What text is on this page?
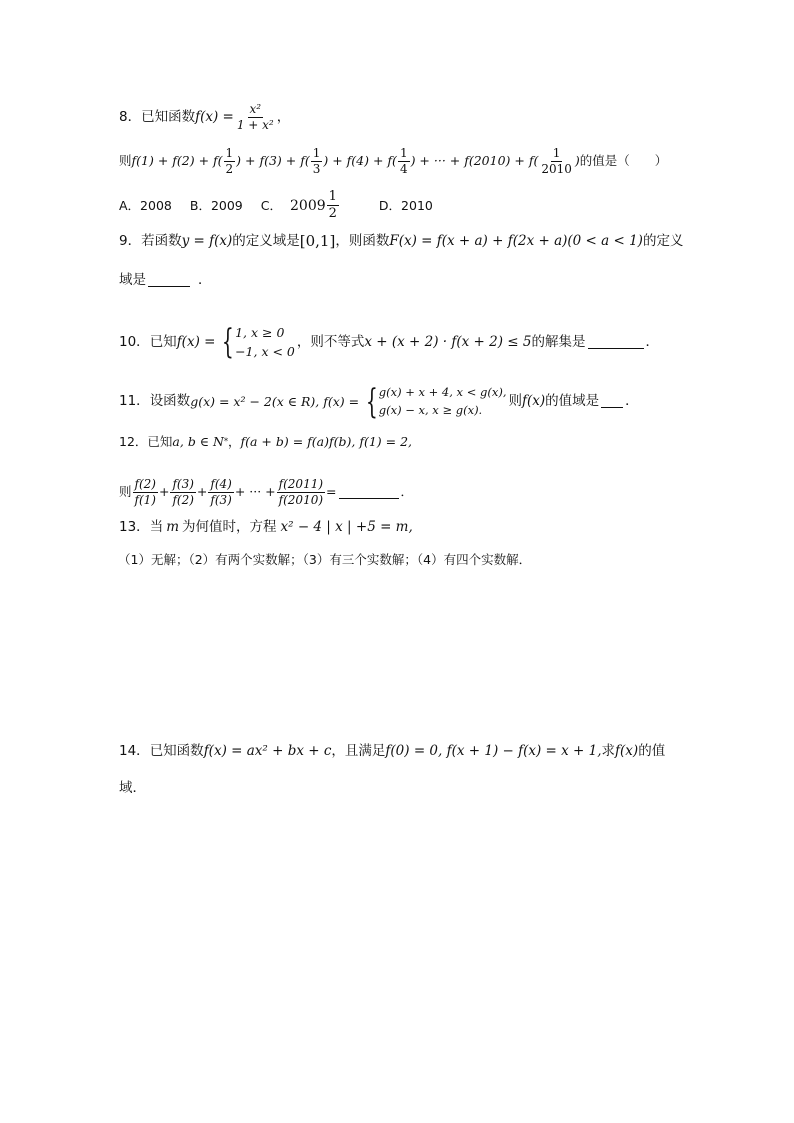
8． 已知函数 $f(x) = \frac{\text{x²}}{\text{1 + x²}}$ ，
则 $f(1) + f(2) + f( \frac{1}{2}$ ) + $f(3) + f( \frac{1}{3}$ ) + $f(4) + f( \frac{1}{4}$ ) + ··· + $f(2010) + f( \frac{1}{2010}$ ) 的值是（　　）
A．2008 B．2009 C． $2009 \frac{1}{2}$ D．2010
9． 若函数 y = f(x) 的定义域是 [0,1] ，则函数 F(x) = f(x + a) + f(2x + a)(0 < a < 1) 的定义
域是	．
10． 已知 f(x) = { 1, x ≥ 0
−1, x < 0
，则不等式 x + (x + 2) · f(x + 2) ≤ 5 的解集是	．
11． 设函数 g(x) = x² − 2(x ∈ R), f(x) = { g(x) + x + 4, x < g(x),
g(x) − x, x ≥ g(x).
则 f(x) 的值域是 ．
12． 已知 a, b ∈ N * ， f(a + b) = f(a)f(b), f(1) = 2,
则 $\frac{f(2)}{f(1)} + \frac{f(3)}{f(2)} + \frac{f(4)}{f(3)}$ + ··· + $\frac{f(2011)}{f(2010)}$ =	．
13． 当 m 为何值时，方程 x² − 4 | x | +5 = m,
（1）无解；（2）有两个实数解；（3）有三个实数解；（4）有四个实数解．
14． 已知函数 f(x) = ax² + bx + c ，且满足 f(0) = 0, f(x + 1) − f(x) = x + 1, 求 f(x) 的值
域．
